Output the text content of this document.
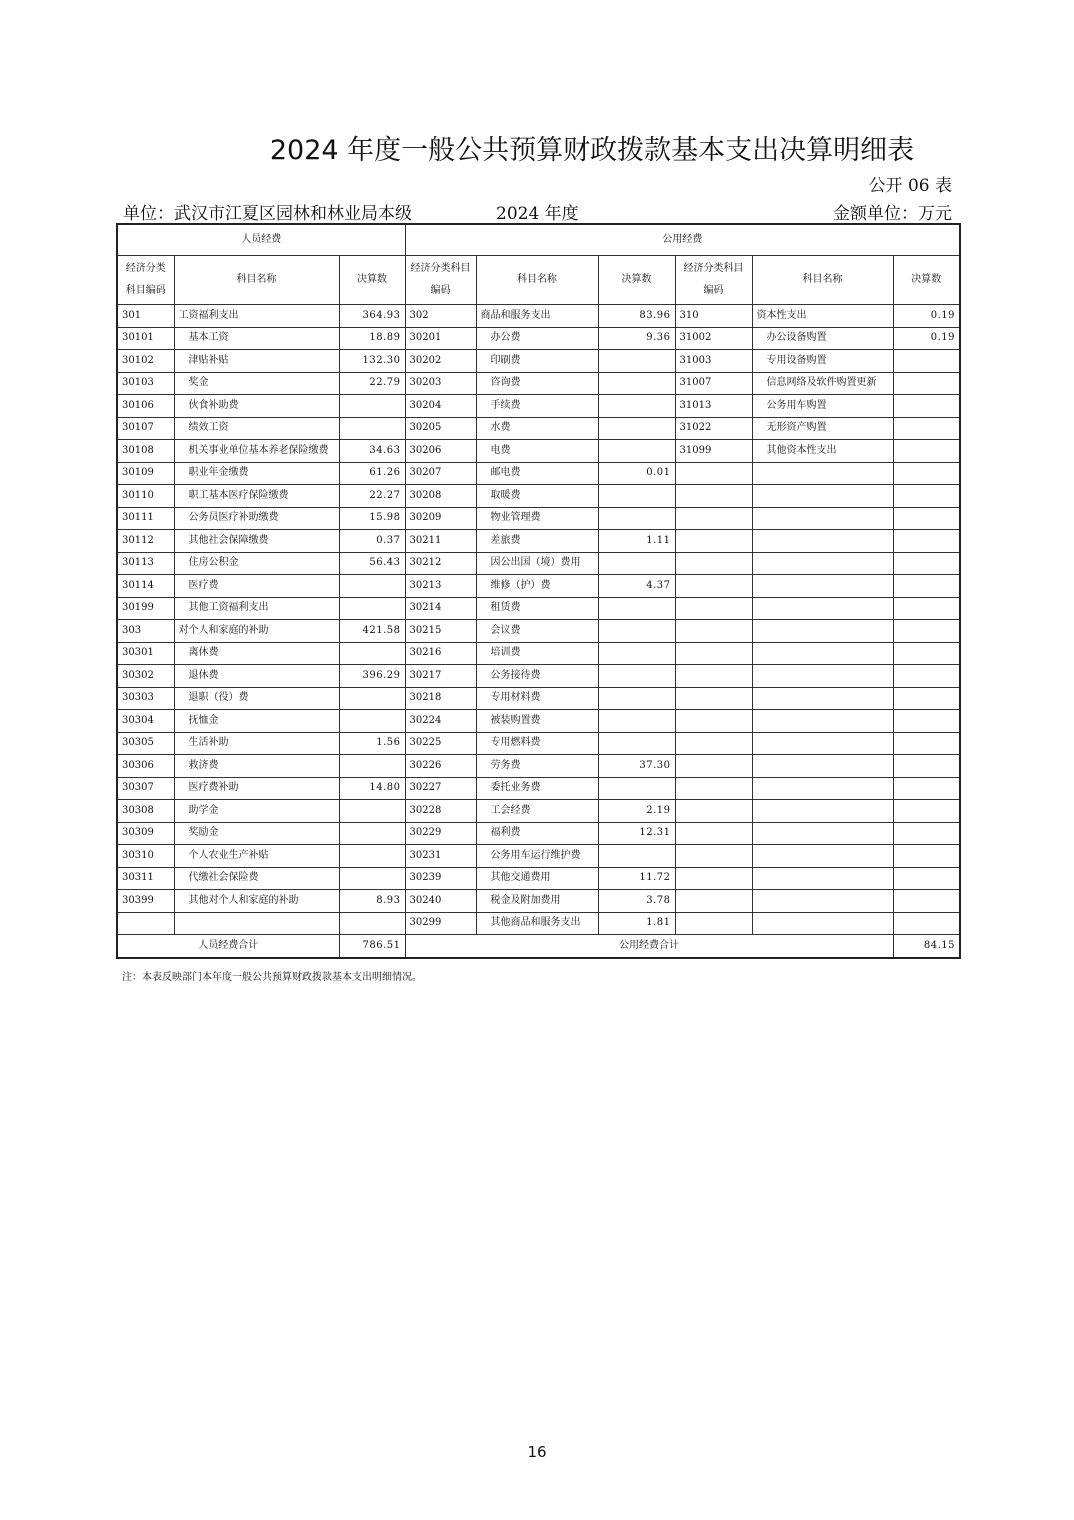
2024 年度一般公共预算财政拨款基本支出决算明细表
公开 06 表
单位：武汉市江夏区园林和林业局本级	2024 年度	金额单位：万元
人员经费			公用经费					
经济分类科目编码	科目名称	决算数	经济分类科目编码	科目名称	决算数	经济分类科目编码	科目名称	决算数
301	工资福利支出	364.93	302	商品和服务支出	83.96	310	资本性支出	0.19
30101	基本工资	18.89	30201	办公费	9.36	31002	办公设备购置	0.19
30102	津贴补贴	132.30	30202	印刷费		31003	专用设备购置	
30103	奖金	22.79	30203	咨询费		31007	信息网络及软件购置更新	
30106	伙食补助费		30204	手续费		31013	公务用车购置	
30107	绩效工资		30205	水费		31022	无形资产购置	
30108	机关事业单位基本养老保险缴费	34.63	30206	电费		31099	其他资本性支出	
30109	职业年金缴费	61.26	30207	邮电费	0.01			
30110	职工基本医疗保险缴费	22.27	30208	取暖费				
30111	公务员医疗补助缴费	15.98	30209	物业管理费				
30112	其他社会保障缴费	0.37	30211	差旅费	1.11			
30113	住房公积金	56.43	30212	因公出国（境）费用				
30114	医疗费		30213	维修（护）费	4.37			
30199	其他工资福利支出		30214	租赁费				
303	对个人和家庭的补助	421.58	30215	会议费				
30301	离休费		30216	培训费				
30302	退休费	396.29	30217	公务接待费				
30303	退职（役）费		30218	专用材料费				
30304	抚恤金		30224	被装购置费				
30305	生活补助	1.56	30225	专用燃料费				
30306	救济费		30226	劳务费	37.30			
30307	医疗费补助	14.80	30227	委托业务费				
30308	助学金		30228	工会经费	2.19			
30309	奖励金		30229	福利费	12.31			
30310	个人农业生产补贴		30231	公务用车运行维护费				
30311	代缴社会保险费		30239	其他交通费用	11.72			
30399	其他对个人和家庭的补助	8.93	30240	税金及附加费用	3.78			
			30299	其他商品和服务支出	1.81			
人员经费合计		786.51	公用经费合计					84.15
注：本表反映部门本年度一般公共预算财政拨款基本支出明细情况。
16
